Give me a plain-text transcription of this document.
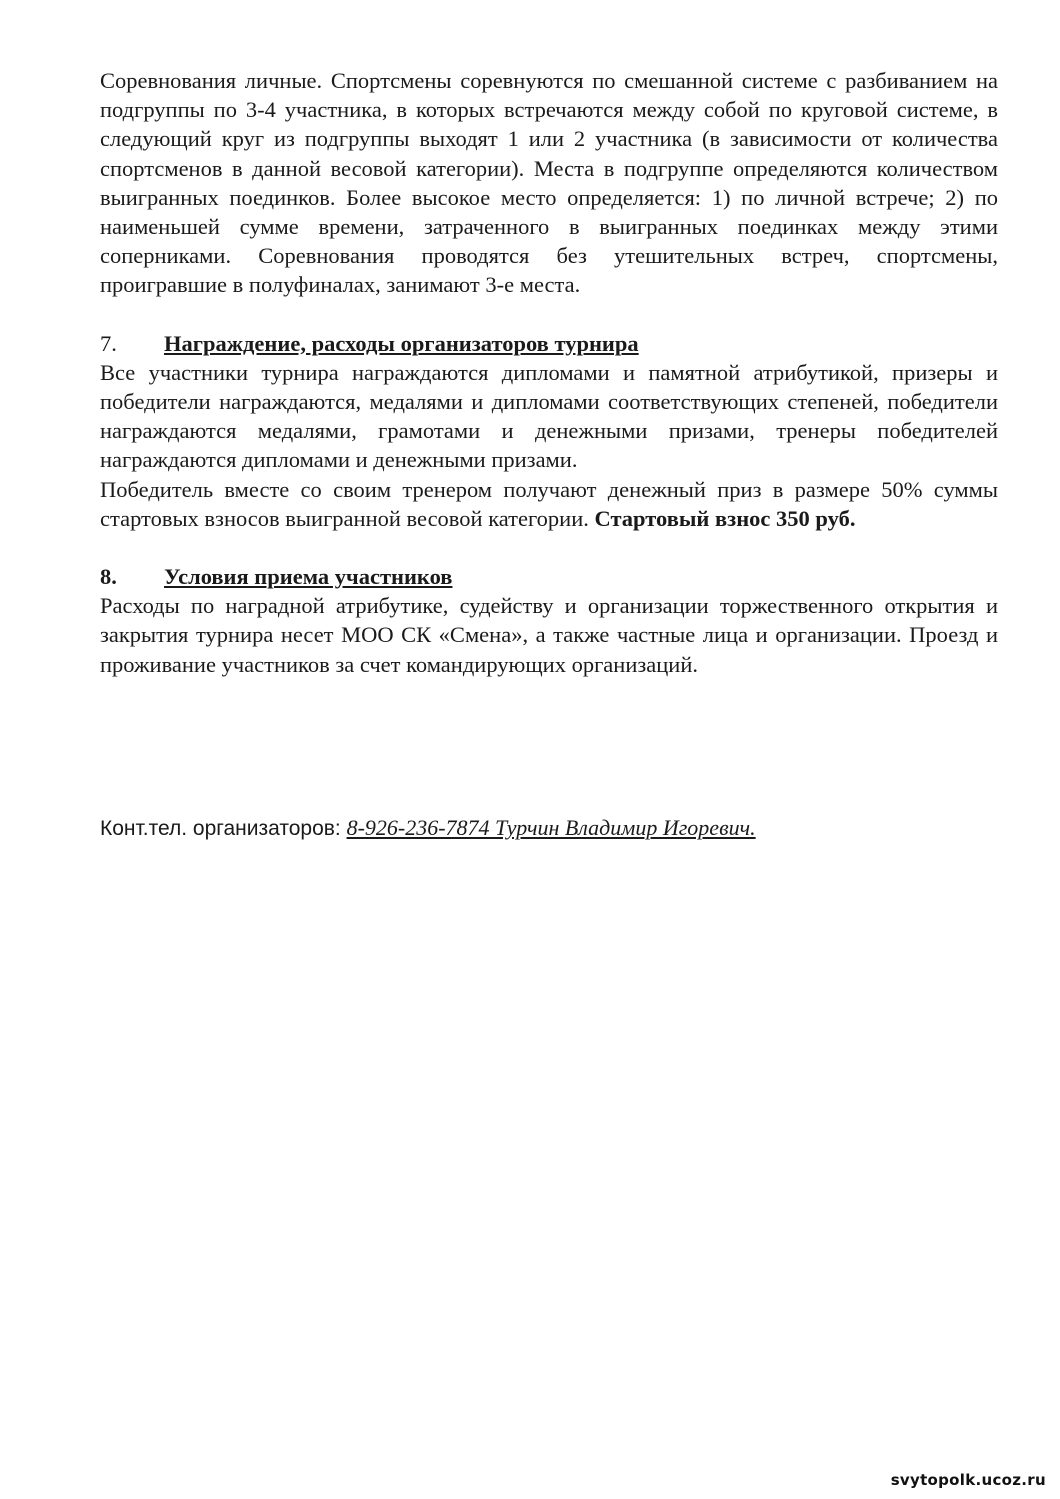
Соревнования личные. Спортсмены соревнуются по смешанной системе с разбиванием на подгруппы по 3-4 участника, в которых встречаются между собой по круговой системе, в следующий круг из подгруппы выходят 1 или 2 участника (в зависимости от количества спортсменов в данной весовой категории). Места в подгруппе определяются количеством выигранных поединков. Более высокое место определяется: 1) по личной встрече; 2) по наименьшей сумме времени, затраченного в выигранных поединках между этими соперниками. Соревнования проводятся без утешительных встреч, спортсмены, проигравшие в полуфиналах, занимают 3-е места.

7. Награждение, расходы организаторов турнира

Все участники турнира награждаются дипломами и памятной атрибутикой, призеры и победители награждаются, медалями и дипломами соответствующих степеней, победители награждаются медалями, грамотами и денежными призами, тренеры победителей награждаются дипломами и денежными призами.

Победитель вместе со своим тренером получают денежный приз в размере 50% суммы стартовых взносов выигранной весовой категории. Стартовый взнос 350 руб.

8. Условия приема участников

Расходы по наградной атрибутике, судейству и организации торжественного открытия и закрытия турнира несет МОО СК «Смена», а также частные лица и организации. Проезд и проживание участников за счет командирующих организаций.

Конт.тел. организаторов: 8-926-236-7874 Турчин Владимир Игоревич.
svytopolk.ucoz.ru
